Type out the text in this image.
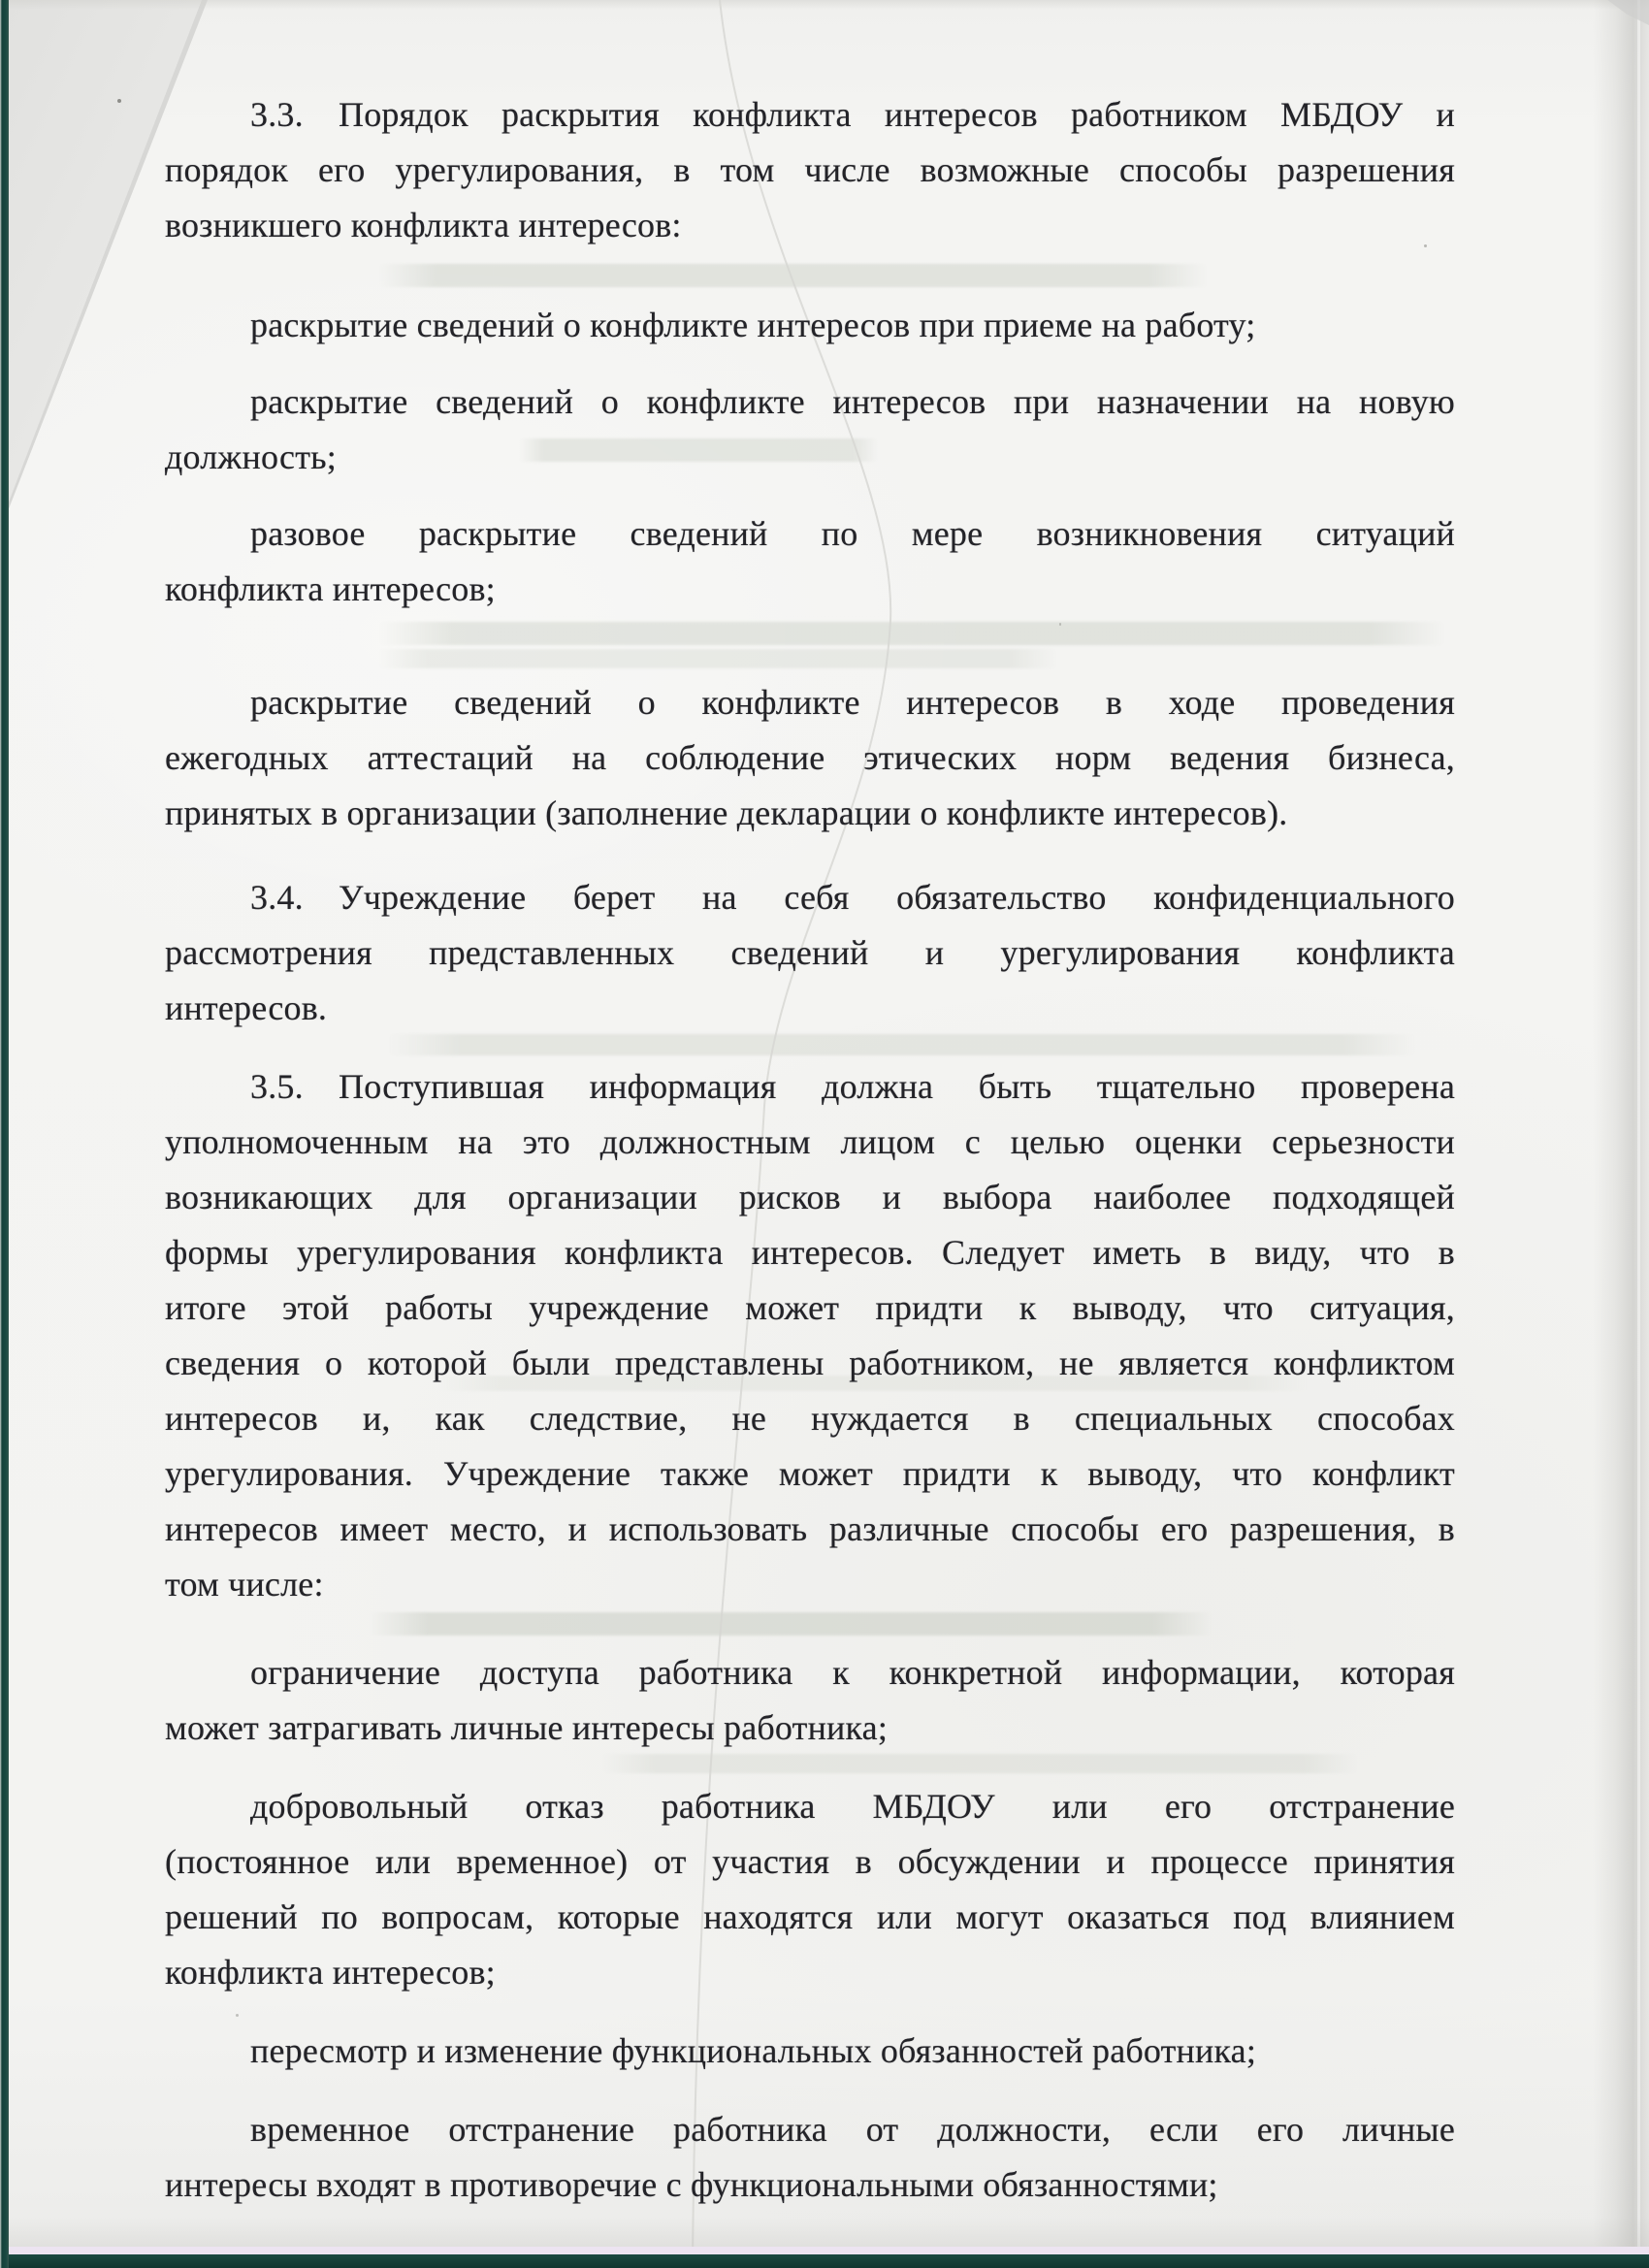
3.3. Порядок раскрытия конфликта интересов работником МБДОУ и
порядок его урегулирования, в том числе возможные способы разрешения
возникшего конфликта интересов:

раскрытие сведений о конфликте интересов при приеме на работу;

раскрытие сведений о конфликте интересов при назначении на новую
должность;

разовое раскрытие сведений по мере возникновения ситуаций
конфликта интересов;

раскрытие сведений о конфликте интересов в ходе проведения
ежегодных аттестаций на соблюдение этических норм ведения бизнеса,
принятых в организации (заполнение декларации о конфликте интересов).

3.4. Учреждение берет на себя обязательство конфиденциального
рассмотрения представленных сведений и урегулирования конфликта
интересов.

3.5. Поступившая информация должна быть тщательно проверена
уполномоченным на это должностным лицом с целью оценки серьезности
возникающих для организации рисков и выбора наиболее подходящей
формы урегулирования конфликта интересов. Следует иметь в виду, что в
итоге этой работы учреждение может придти к выводу, что ситуация,
сведения о которой были представлены работником, не является конфликтом
интересов и, как следствие, не нуждается в специальных способах
урегулирования. Учреждение также может придти к выводу, что конфликт
интересов имеет место, и использовать различные способы его разрешения, в
том числе:

ограничение доступа работника к конкретной информации, которая
может затрагивать личные интересы работника;

добровольный отказ работника МБДОУ или его отстранение
(постоянное или временное) от участия в обсуждении и процессе принятия
решений по вопросам, которые находятся или могут оказаться под влиянием
конфликта интересов;

пересмотр и изменение функциональных обязанностей работника;

временное отстранение работника от должности, если его личные
интересы входят в противоречие с функциональными обязанностями;
